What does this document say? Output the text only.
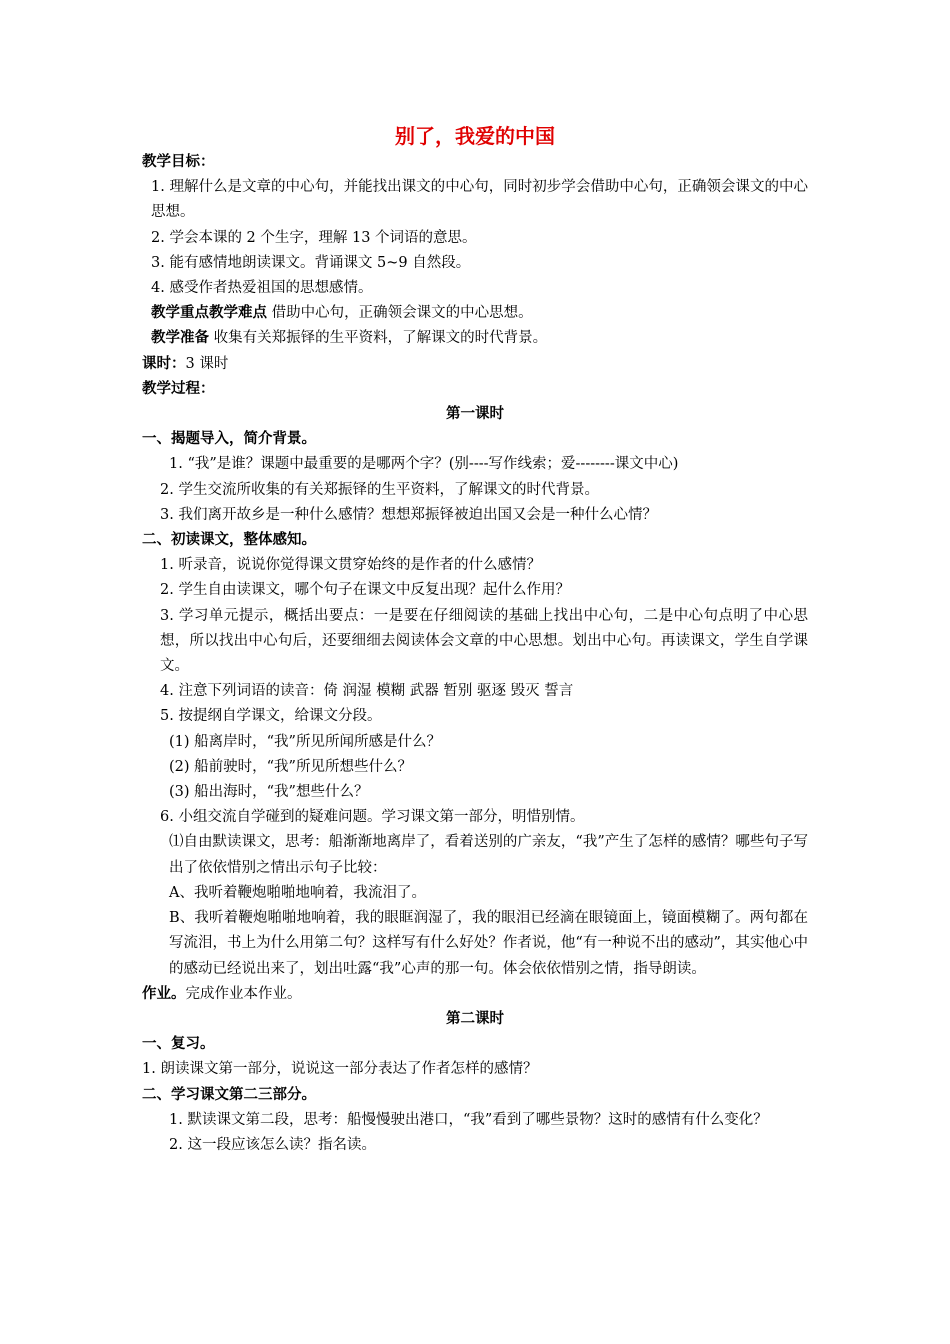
别了，我爱的中国
教学目标：
1. 理解什么是文章的中心句，并能找出课文的中心句，同时初步学会借助中心句，正确领会课文的中心思想。
2. 学会本课的 2 个生字，理解 13 个词语的意思。
3. 能有感情地朗读课文。背诵课文 5~9 自然段。
4. 感受作者热爱祖国的思想感情。
教学重点教学难点 借助中心句，正确领会课文的中心思想。
教学准备 收集有关郑振铎的生平资料，了解课文的时代背景。
课时：3 课时
教学过程：
第一课时
一、揭题导入，简介背景。
1. “我”是谁？课题中最重要的是哪两个字？(别----写作线索；爱--------课文中心)
2. 学生交流所收集的有关郑振铎的生平资料，了解课文的时代背景。
3. 我们离开故乡是一种什么感情？想想郑振铎被迫出国又会是一种什么心情？
二、初读课文，整体感知。
1. 听录音，说说你觉得课文贯穿始终的是作者的什么感情？
2. 学生自由读课文，哪个句子在课文中反复出现？起什么作用？
3. 学习单元提示，概括出要点：一是要在仔细阅读的基础上找出中心句，二是中心句点明了中心思想，所以找出中心句后，还要细细去阅读体会文章的中心思想。划出中心句。再读课文，学生自学课文。
4. 注意下列词语的读音：倚 润湿 模糊 武器 暂别 驱逐 毁灭 誓言
5. 按提纲自学课文，给课文分段。
(1) 船离岸时，“我”所见所闻所感是什么？
(2) 船前驶时，“我”所见所想些什么？
(3) 船出海时，“我”想些什么？
6. 小组交流自学碰到的疑难问题。学习课文第一部分，明惜别情。
⑴自由默读课文，思考：船渐渐地离岸了，看着送别的广亲友，“我”产生了怎样的感情？哪些句子写出了依依惜别之情出示句子比较：
A、我听着鞭炮啪啪地响着，我流泪了。
B、我听着鞭炮啪啪地响着，我的眼眶润湿了，我的眼泪已经滴在眼镜面上，镜面模糊了。两句都在写流泪，书上为什么用第二句？这样写有什么好处？作者说，他“有一种说不出的感动”，其实他心中的感动已经说出来了，划出吐露“我”心声的那一句。体会依依惜别之情，指导朗读。
作业。完成作业本作业。
第二课时
一、复习。
1. 朗读课文第一部分，说说这一部分表达了作者怎样的感情？
二、学习课文第二三部分。
1. 默读课文第二段，思考：船慢慢驶出港口，“我”看到了哪些景物？这时的感情有什么变化？
2. 这一段应该怎么读？指名读。
